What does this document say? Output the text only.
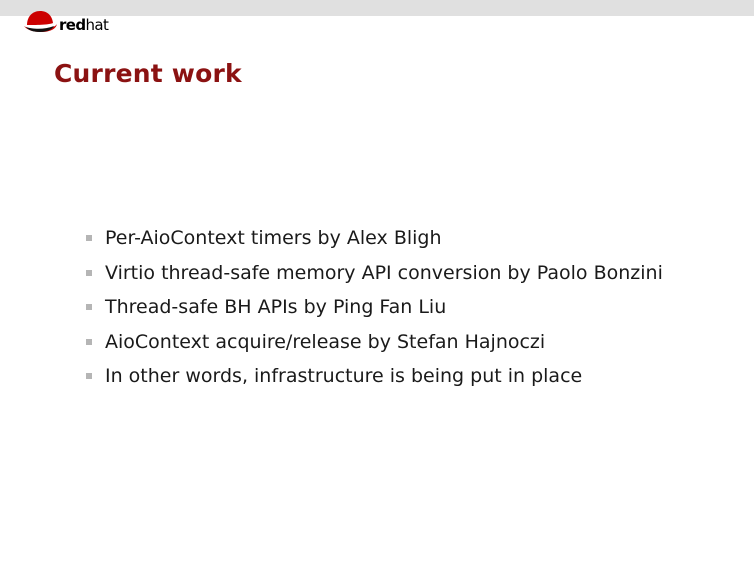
redhat
Current work
Per-AioContext timers by Alex Bligh
Virtio thread-safe memory API conversion by Paolo Bonzini
Thread-safe BH APIs by Ping Fan Liu
AioContext acquire/release by Stefan Hajnoczi
In other words, infrastructure is being put in place
